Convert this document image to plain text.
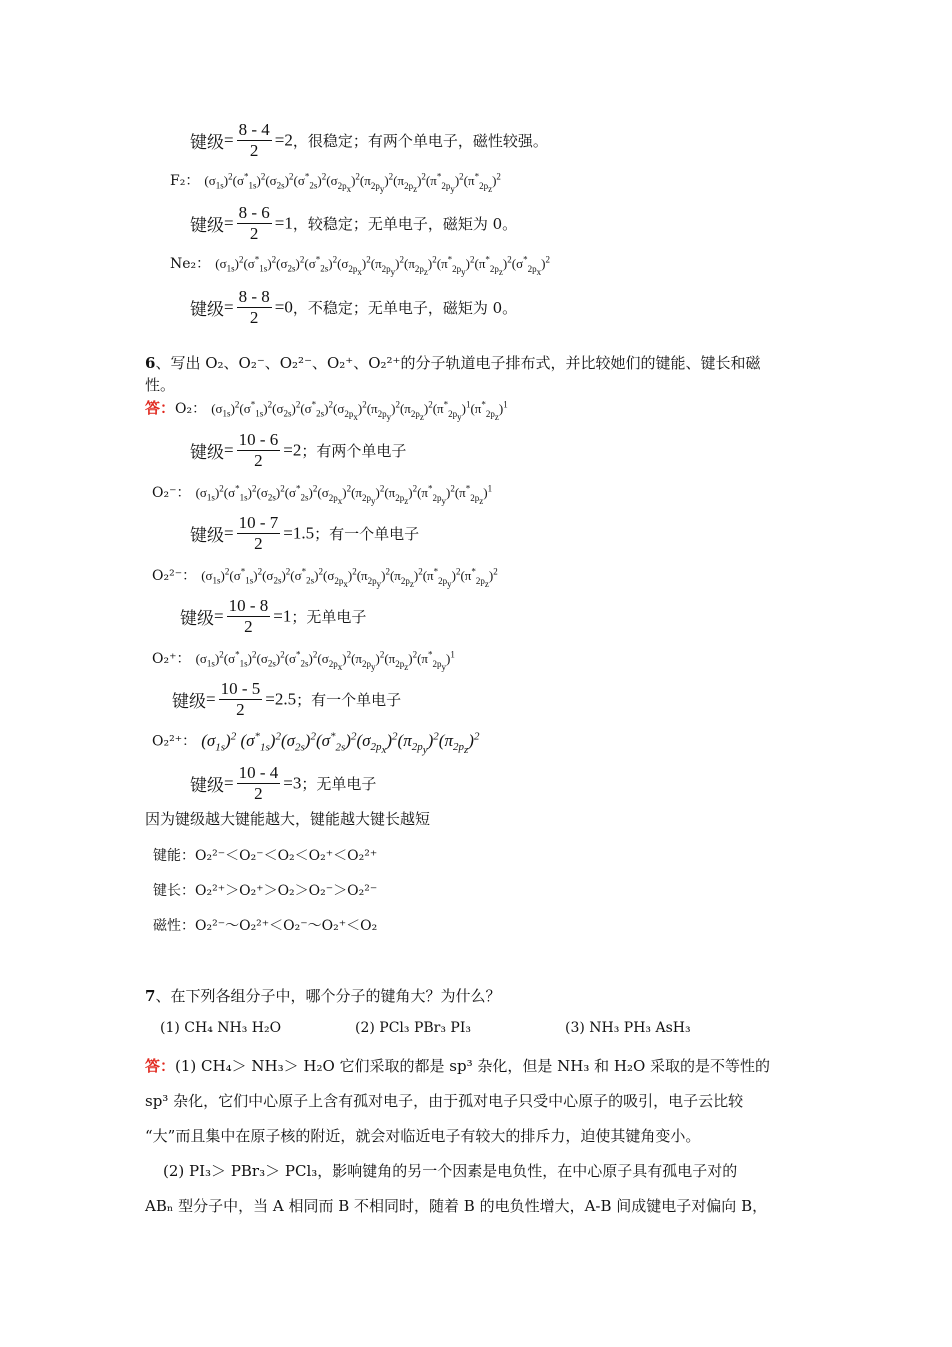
键级= $\frac{8 - 4}{2} =2$，很稳定；有两个单电子，磁性较强。
F₂： $(\sigma_{1s})^2(\sigma^*_{1s})^2(\sigma_{2s})^2(\sigma^*_{2s})^2(\sigma_{2p_x})^2(\pi_{2p_y})^2(\pi_{2p_z})^2(\pi^*_{2p_y})^2(\pi^*_{2p_z})^2$
键级= $\frac{8 - 6}{2} =1$，较稳定；无单电子，磁矩为 0。
Ne₂： $(\sigma_{1s})^2(\sigma^*_{1s})^2(\sigma_{2s})^2(\sigma^*_{2s})^2(\sigma_{2p_x})^2(\pi_{2p_y})^2(\pi_{2p_z})^2(\pi^*_{2p_y})^2(\pi^*_{2p_z})^2(\sigma^*_{2p_x})^2$
键级= $\frac{8 - 8}{2} =0$，不稳定；无单电子，磁矩为 0。
6、写出 O₂、O₂⁻、O₂²⁻、O₂⁺、O₂²⁺的分子轨道电子排布式，并比较她们的键能、键长和磁
性。
答：O₂： $(\sigma_{1s})^2(\sigma^*_{1s})^2(\sigma_{2s})^2(\sigma^*_{2s})^2(\sigma_{2p_x})^2(\pi_{2p_y})^2(\pi_{2p_z})^2(\pi^*_{2p_y})^1(\pi^*_{2p_z})^1$
键级= $\frac{10 - 6}{2} =2$；有两个单电子
O₂⁻： $(\sigma_{1s})^2(\sigma^*_{1s})^2(\sigma_{2s})^2(\sigma^*_{2s})^2(\sigma_{2p_x})^2(\pi_{2p_y})^2(\pi_{2p_z})^2(\pi^*_{2p_y})^2(\pi^*_{2p_z})^1$
键级= $\frac{10 - 7}{2} =1.5$；有一个单电子
O₂²⁻： $(\sigma_{1s})^2(\sigma^*_{1s})^2(\sigma_{2s})^2(\sigma^*_{2s})^2(\sigma_{2p_x})^2(\pi_{2p_y})^2(\pi_{2p_z})^2(\pi^*_{2p_y})^2(\pi^*_{2p_z})^2$
键级= $\frac{10 - 8}{2} =1$；无单电子
O₂⁺： $(\sigma_{1s})^2(\sigma^*_{1s})^2(\sigma_{2s})^2(\sigma^*_{2s})^2(\sigma_{2p_x})^2(\pi_{2p_y})^2(\pi_{2p_z})^2(\pi^*_{2p_y})^1$
键级= $\frac{10 - 5}{2} =2.5$；有一个单电子
O₂²⁺： $(\sigma_{1s})^2$ $(\sigma^*_{1s})^2(\sigma_{2s})^2(\sigma^*_{2s})^2(\sigma_{2p_x})^2(\pi_{2p_y})^2(\pi_{2p_z})^2$
键级= $\frac{10 - 4}{2} =3$；无单电子
因为键级越大键能越大，键能越大键长越短
键能：O₂²⁻＜O₂⁻＜O₂＜O₂⁺＜O₂²⁺
键长：O₂²⁺＞O₂⁺＞O₂＞O₂⁻＞O₂²⁻
磁性：O₂²⁻～O₂²⁺＜O₂⁻～O₂⁺＜O₂
7、在下列各组分子中，哪个分子的键角大？为什么？
(1) CH₄ NH₃ H₂O	(2) PCl₃ PBr₃ PI₃	(3) NH₃ PH₃ AsH₃
答：(1) CH₄＞ NH₃＞ H₂O 它们采取的都是 sp³ 杂化，但是 NH₃ 和 H₂O 采取的是不等性的
sp³ 杂化，它们中心原子上含有孤对电子，由于孤对电子只受中心原子的吸引，电子云比较
“大”而且集中在原子核的附近，就会对临近电子有较大的排斥力，迫使其键角变小。
(2) PI₃＞ PBr₃＞ PCl₃，影响键角的另一个因素是电负性，在中心原子具有孤电子对的
ABₙ 型分子中，当 A 相同而 B 不相同时，随着 B 的电负性增大，A-B 间成键电子对偏向 B，
